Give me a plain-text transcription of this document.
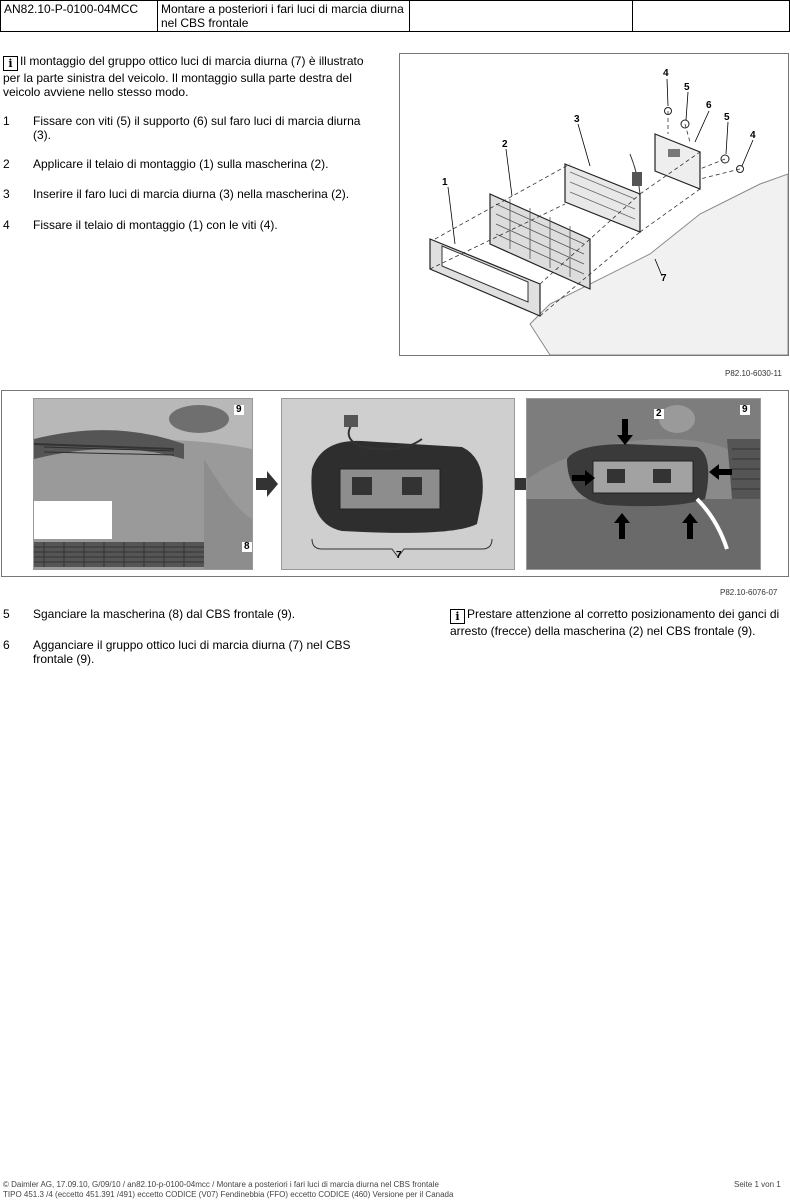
AN82.10-P-0100-04MCC	Montare a posteriori i fari luci di marcia diurna nel CBS frontale		
i Il montaggio del gruppo ottico luci di marcia diurna (7) è illustrato per la parte sinistra del veicolo. Il montaggio sulla parte destra del veicolo avviene nello stesso modo.
1	Fissare con viti (5) il supporto (6) sul faro luci di marcia diurna (3).
2	Applicare il telaio di montaggio (1) sulla mascherina (2).
3	Inserire il faro luci di marcia diurna (3) nella mascherina (2).
4	Fissare il telaio di montaggio (1) con le viti (4).
1
2
3
4
5
6
5
4
7
P82.10-6030-11
9
8
7
2	9
P82.10-6076-07
5	Sganciare la mascherina (8) dal CBS frontale (9).
6	Agganciare il gruppo ottico luci di marcia diurna (7) nel CBS frontale (9).
i Prestare attenzione al corretto posizionamento dei ganci di arresto (frecce) della mascherina (2) nel CBS frontale (9).
© Daimler AG, 17.09.10, G/09/10 / an82.10-p-0100-04mcc / Montare a posteriori i fari luci di marcia diurna nel CBS frontale
TIPO 451.3 /4 (eccetto 451.391 /491) eccetto CODICE (V07) Fendinebbia (FFO) eccetto CODICE (460) Versione per il Canada
Seite 1 von 1
